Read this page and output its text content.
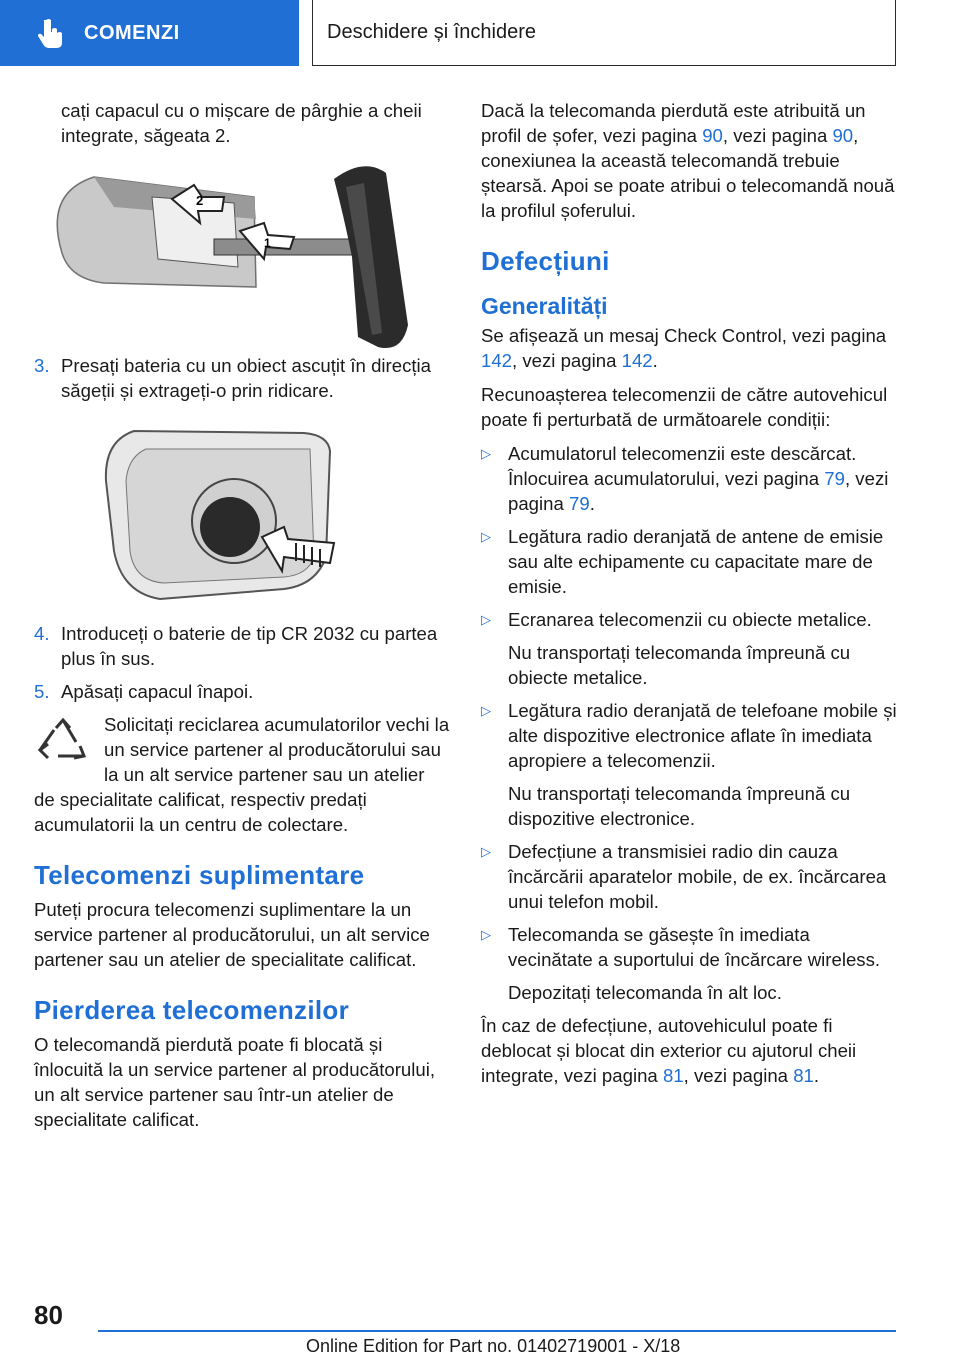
COMENZI	Deschidere și închidere

cați capacul cu o mișcare de pârghie a cheii integrate, săgeata 2.

2
1
3. Presați bateria cu un obiect ascuțit în direcția săgeții și extrageți-o prin ridicare.
4. Introduceți o baterie de tip CR 2032 cu partea plus în sus.
5. Apăsați capacul înapoi.

Solicitați reciclarea acumulatorilor vechi la un service partener al producătorului sau la un alt service partener sau un atelier de specialitate calificat, respectiv predați acumulatorii la un centru de colectare.

Telecomenzi suplimentare

Puteți procura telecomenzi suplimentare la un service partener al producătorului, un alt service partener sau un atelier de specialitate calificat.

Pierderea telecomenzilor

O telecomandă pierdută poate fi blocată și înlocuită la un service partener al producătorului, un alt service partener sau într-un atelier de specialitate calificat.

Dacă la telecomanda pierdută este atribuită un profil de șofer, vezi pagina 90, vezi pagina 90, conexiunea la această telecomandă trebuie ștearsă. Apoi se poate atribui o telecomandă nouă la profilul șoferului.

Defecțiuni
Generalități

Se afișează un mesaj Check Control, vezi pagina 142, vezi pagina 142.

Recunoașterea telecomenzii de către autovehicul poate fi perturbată de următoarele condiții:

▷ Acumulatorul telecomenzii este descărcat. Înlocuirea acumulatorului, vezi pagina 79, vezi pagina 79.
▷ Legătura radio deranjată de antene de emisie sau alte echipamente cu capacitate mare de emisie.
▷ Ecranarea telecomenzii cu obiecte metalice.

Nu transportați telecomanda împreună cu obiecte metalice.

▷ Legătura radio deranjată de telefoane mobile și alte dispozitive electronice aflate în imediata apropiere a telecomenzii.

Nu transportați telecomanda împreună cu dispozitive electronice.

▷ Defecțiune a transmisiei radio din cauza încărcării aparatelor mobile, de ex. încărcarea unui telefon mobil.
▷ Telecomanda se găsește în imediata vecinătate a suportului de încărcare wireless.

Depozitați telecomanda în alt loc.

În caz de defecțiune, autovehiculul poate fi deblocat și blocat din exterior cu ajutorul cheii integrate, vezi pagina 81, vezi pagina 81.

80
Online Edition for Part no. 01402719001 - X/18
